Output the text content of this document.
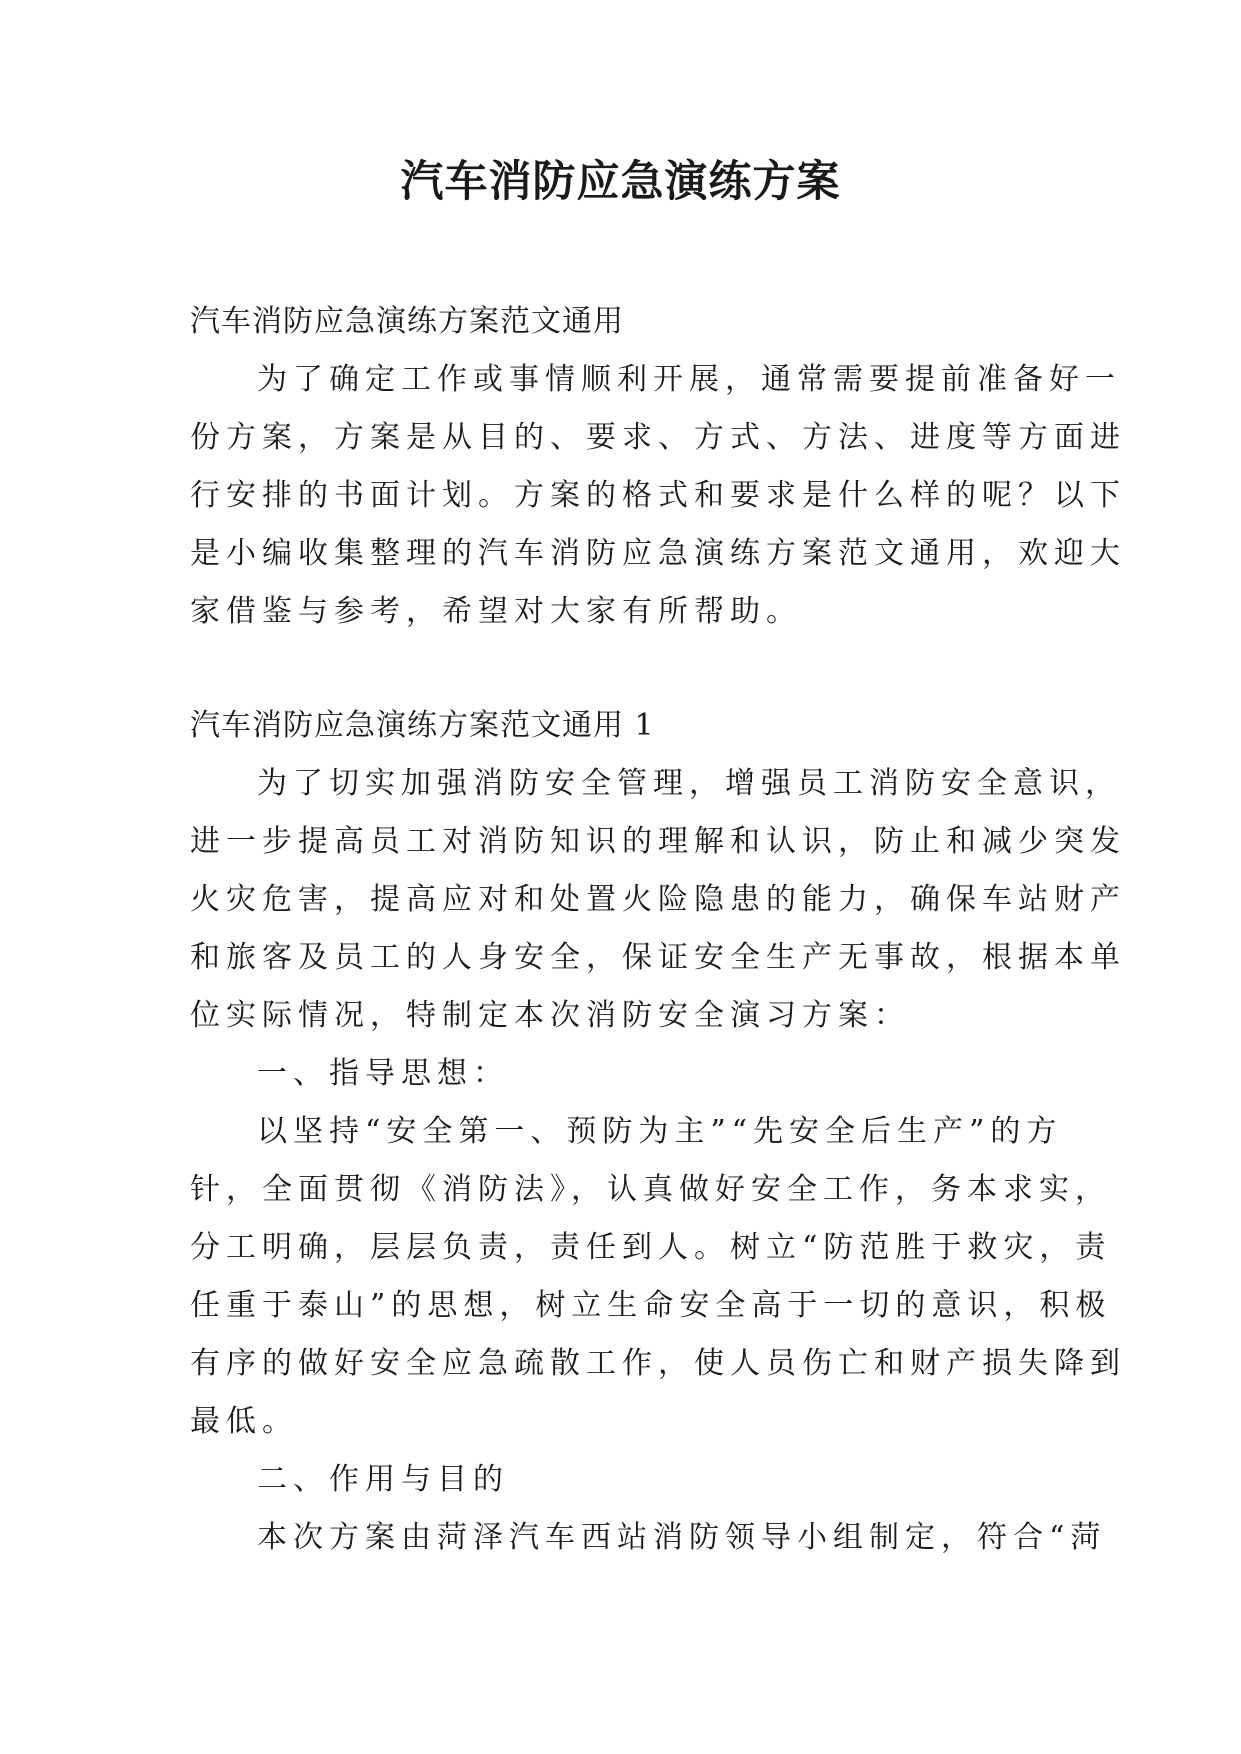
汽车消防应急演练方案

汽车消防应急演练方案范文通用

为了确定工作或事情顺利开展，通常需要提前准备好一

份方案，方案是从目的、要求、方式、方法、进度等方面进

行安排的书面计划。方案的格式和要求是什么样的呢？以下

是小编收集整理的汽车消防应急演练方案范文通用，欢迎大

家借鉴与参考，希望对大家有所帮助。

汽车消防应急演练方案范文通用 1

为了切实加强消防安全管理，增强员工消防安全意识，

进一步提高员工对消防知识的理解和认识，防止和减少突发

火灾危害，提高应对和处置火险隐患的能力，确保车站财产

和旅客及员工的人身安全，保证安全生产无事故，根据本单

位实际情况，特制定本次消防安全演习方案：

一、指导思想：

以坚持“安全第一、预防为主”“先安全后生产”的方

针，全面贯彻《消防法》，认真做好安全工作，务本求实，

分工明确，层层负责，责任到人。树立“防范胜于救灾，责

任重于泰山”的思想，树立生命安全高于一切的意识，积极

有序的做好安全应急疏散工作，使人员伤亡和财产损失降到

最低。

二、作用与目的

本次方案由菏泽汽车西站消防领导小组制定，符合“菏
